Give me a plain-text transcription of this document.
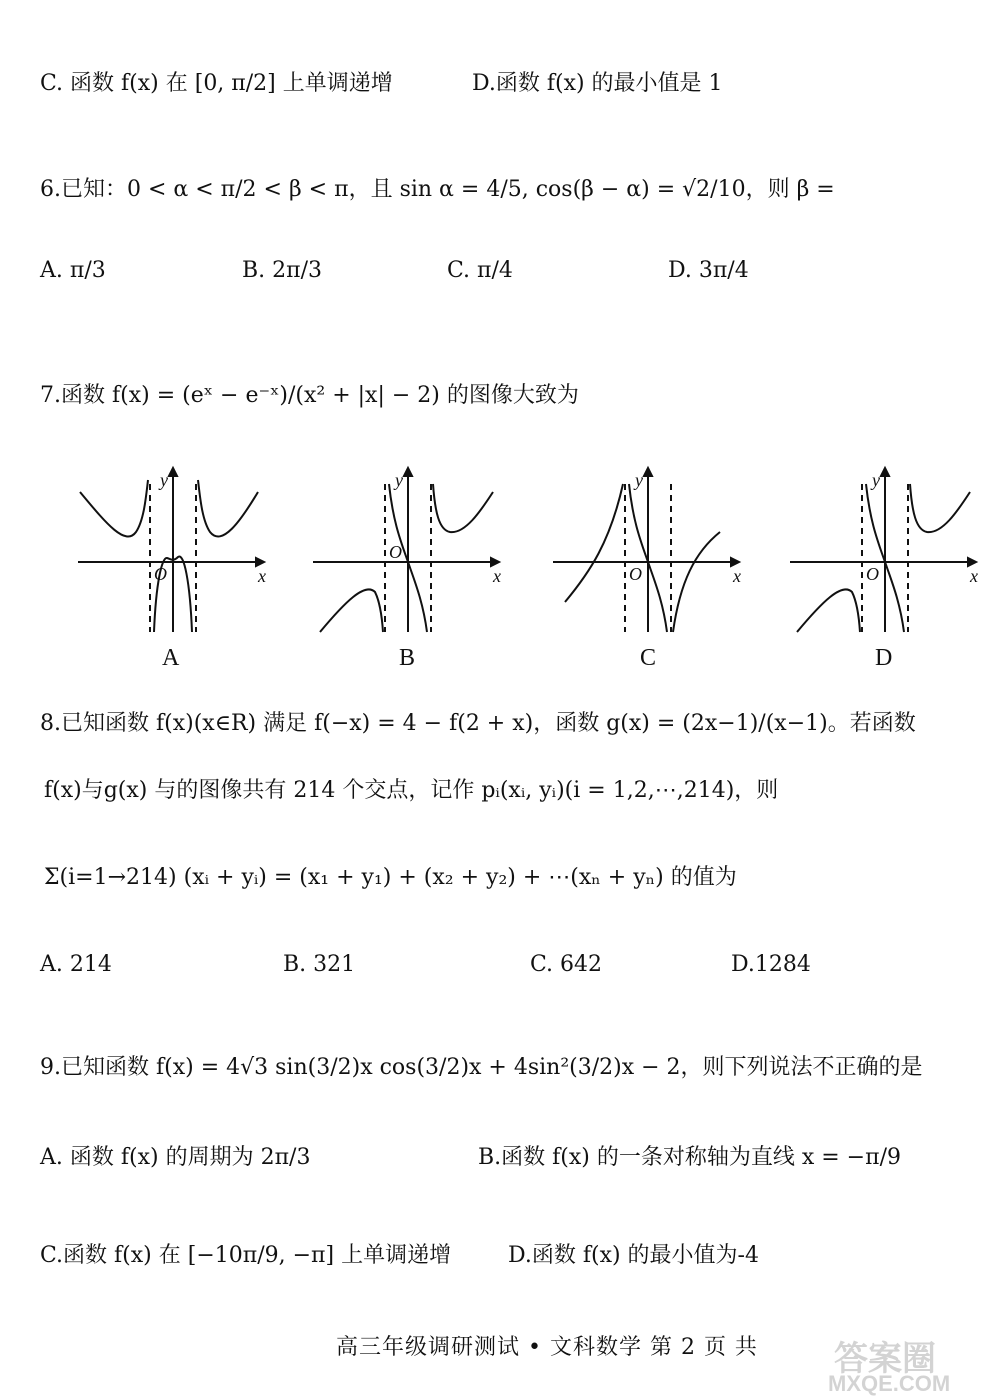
C. 函数 f(x) 在 [0, π/2] 上单调递增	D.函数 f(x) 的最小值是 1
6.已知：0 < α < π/2 < β < π，且 sin α = 4/5, cos(β − α) = √2/10，则 β =
A. π/3	B. 2π/3	C. π/4	D. 3π/4
7.函数 f(x) = (eˣ − e⁻ˣ)/(x² + |x| − 2) 的图像大致为
y
x
O
y
x
O
y
x
O
y
x
O
A	B	C	D
8.已知函数 f(x)(x∈R) 满足 f(−x) = 4 − f(2 + x)，函数 g(x) = (2x−1)/(x−1)。若函数
f(x)与g(x) 与的图像共有 214 个交点，记作 pᵢ(xᵢ, yᵢ)(i = 1,2,⋯,214)，则
Σ(i=1→214) (xᵢ + yᵢ) = (x₁ + y₁) + (x₂ + y₂) + ⋯(xₙ + yₙ) 的值为
A. 214	B. 321	C. 642	D.1284
9.已知函数 f(x) = 4√3 sin(3/2)x cos(3/2)x + 4sin²(3/2)x − 2，则下列说法不正确的是
A. 函数 f(x) 的周期为 2π/3	B.函数 f(x) 的一条对称轴为直线 x = −π/9
C.函数 f(x) 在 [−10π/9, −π] 上单调递增	D.函数 f(x) 的最小值为-4
高三年级调研测试 • 文科数学 第 2 页 共 答案圈
MXQE.COM
